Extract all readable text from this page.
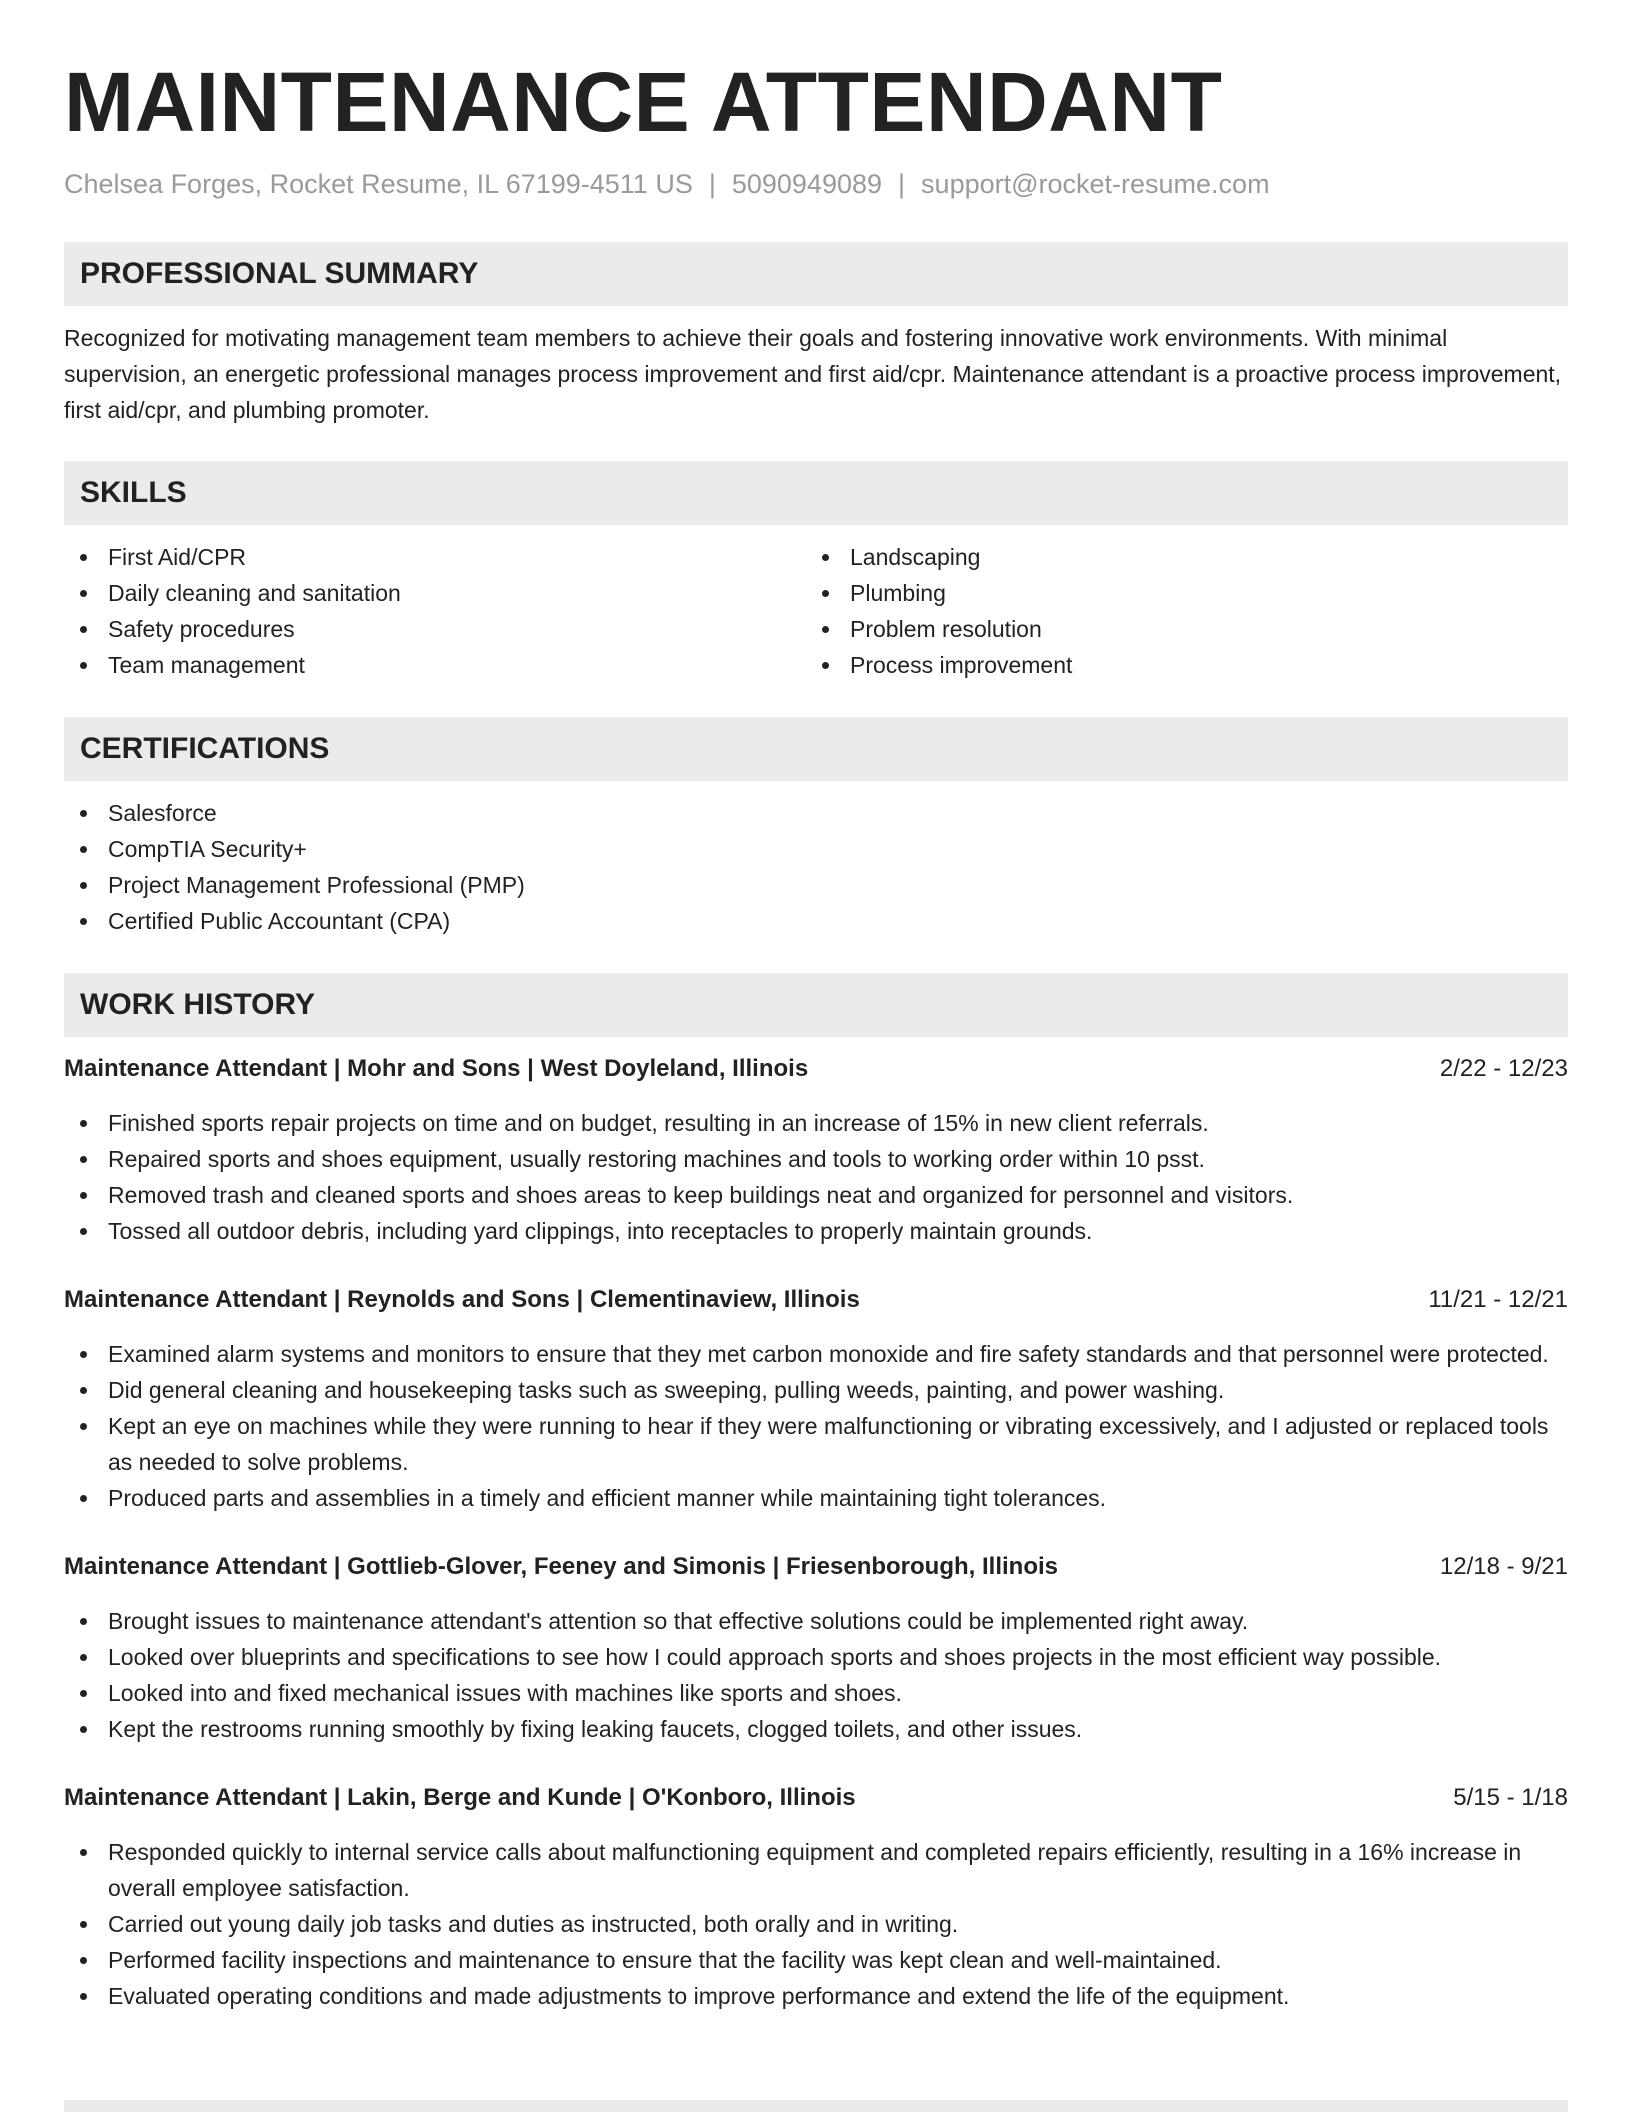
MAINTENANCE ATTENDANT
Chelsea Forges, Rocket Resume, IL 67199-4511 US | 5090949089 | support@rocket-resume.com
PROFESSIONAL SUMMARY

Recognized for motivating management team members to achieve their goals and fostering innovative work environments. With minimal supervision, an energetic professional manages process improvement and first aid/cpr. Maintenance attendant is a proactive process improvement, first aid/cpr, and plumbing promoter.

SKILLS
First Aid/CPR
Daily cleaning and sanitation
Safety procedures
Team management
Landscaping
Plumbing
Problem resolution
Process improvement
CERTIFICATIONS
Salesforce
CompTIA Security+
Project Management Professional (PMP)
Certified Public Accountant (CPA)
WORK HISTORY
Maintenance Attendant | Mohr and Sons | West Doyleland, Illinois	2/22 - 12/23
Finished sports repair projects on time and on budget, resulting in an increase of 15% in new client referrals.
Repaired sports and shoes equipment, usually restoring machines and tools to working order within 10 psst.
Removed trash and cleaned sports and shoes areas to keep buildings neat and organized for personnel and visitors.
Tossed all outdoor debris, including yard clippings, into receptacles to properly maintain grounds.
Maintenance Attendant | Reynolds and Sons | Clementinaview, Illinois	11/21 - 12/21
Examined alarm systems and monitors to ensure that they met carbon monoxide and fire safety standards and that personnel were protected.
Did general cleaning and housekeeping tasks such as sweeping, pulling weeds, painting, and power washing.
Kept an eye on machines while they were running to hear if they were malfunctioning or vibrating excessively, and I adjusted or replaced tools as needed to solve problems.
Produced parts and assemblies in a timely and efficient manner while maintaining tight tolerances.
Maintenance Attendant | Gottlieb-Glover, Feeney and Simonis | Friesenborough, Illinois	12/18 - 9/21
Brought issues to maintenance attendant's attention so that effective solutions could be implemented right away.
Looked over blueprints and specifications to see how I could approach sports and shoes projects in the most efficient way possible.
Looked into and fixed mechanical issues with machines like sports and shoes.
Kept the restrooms running smoothly by fixing leaking faucets, clogged toilets, and other issues.
Maintenance Attendant | Lakin, Berge and Kunde | O'Konboro, Illinois	5/15 - 1/18
Responded quickly to internal service calls about malfunctioning equipment and completed repairs efficiently, resulting in a 16% increase in overall employee satisfaction.
Carried out young daily job tasks and duties as instructed, both orally and in writing.
Performed facility inspections and maintenance to ensure that the facility was kept clean and well-maintained.
Evaluated operating conditions and made adjustments to improve performance and extend the life of the equipment.
